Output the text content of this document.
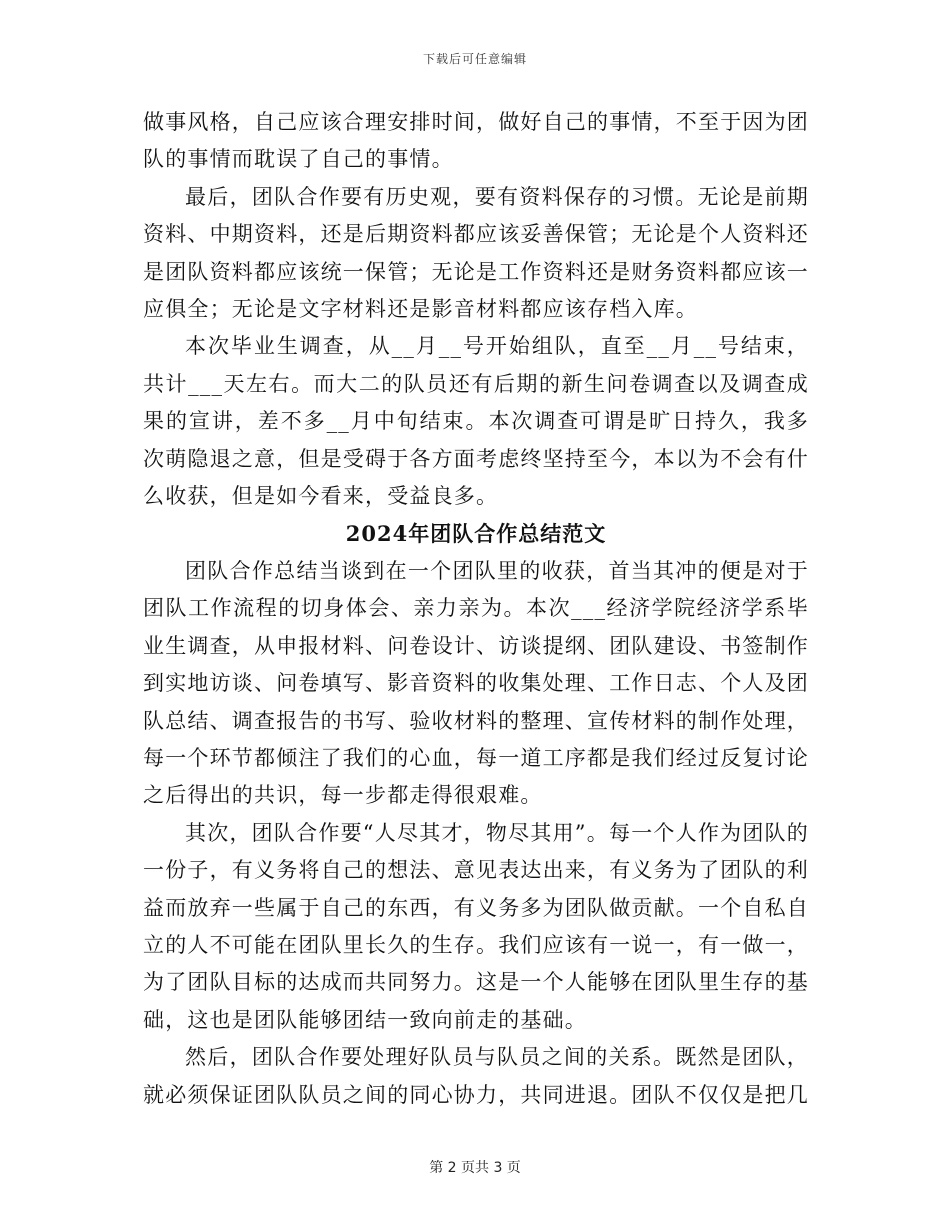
下载后可任意编辑

做事风格，自己应该合理安排时间，做好自己的事情，不至于因为团队的事情而耽误了自己的事情。

最后，团队合作要有历史观，要有资料保存的习惯。无论是前期资料、中期资料，还是后期资料都应该妥善保管；无论是个人资料还是团队资料都应该统一保管；无论是工作资料还是财务资料都应该一应俱全；无论是文字材料还是影音材料都应该存档入库。

本次毕业生调查，从__月__号开始组队，直至__月__号结束，共计___天左右。而大二的队员还有后期的新生问卷调查以及调查成果的宣讲，差不多__月中旬结束。本次调查可谓是旷日持久，我多次萌隐退之意，但是受碍于各方面考虑终坚持至今，本以为不会有什么收获，但是如今看来，受益良多。

2024年团队合作总结范文

团队合作总结当谈到在一个团队里的收获，首当其冲的便是对于团队工作流程的切身体会、亲力亲为。本次___经济学院经济学系毕业生调查，从申报材料、问卷设计、访谈提纲、团队建设、书签制作到实地访谈、问卷填写、影音资料的收集处理、工作日志、个人及团队总结、调查报告的书写、验收材料的整理、宣传材料的制作处理，每一个环节都倾注了我们的心血，每一道工序都是我们经过反复讨论之后得出的共识，每一步都走得很艰难。

其次，团队合作要“人尽其才，物尽其用”。每一个人作为团队的一份子，有义务将自己的想法、意见表达出来，有义务为了团队的利益而放弃一些属于自己的东西，有义务多为团队做贡献。一个自私自立的人不可能在团队里长久的生存。我们应该有一说一，有一做一，为了团队目标的达成而共同努力。这是一个人能够在团队里生存的基础，这也是团队能够团结一致向前走的基础。

然后，团队合作要处理好队员与队员之间的关系。既然是团队，就必须保证团队队员之间的同心协力，共同进退。团队不仅仅是把几

第 2 页共 3 页
